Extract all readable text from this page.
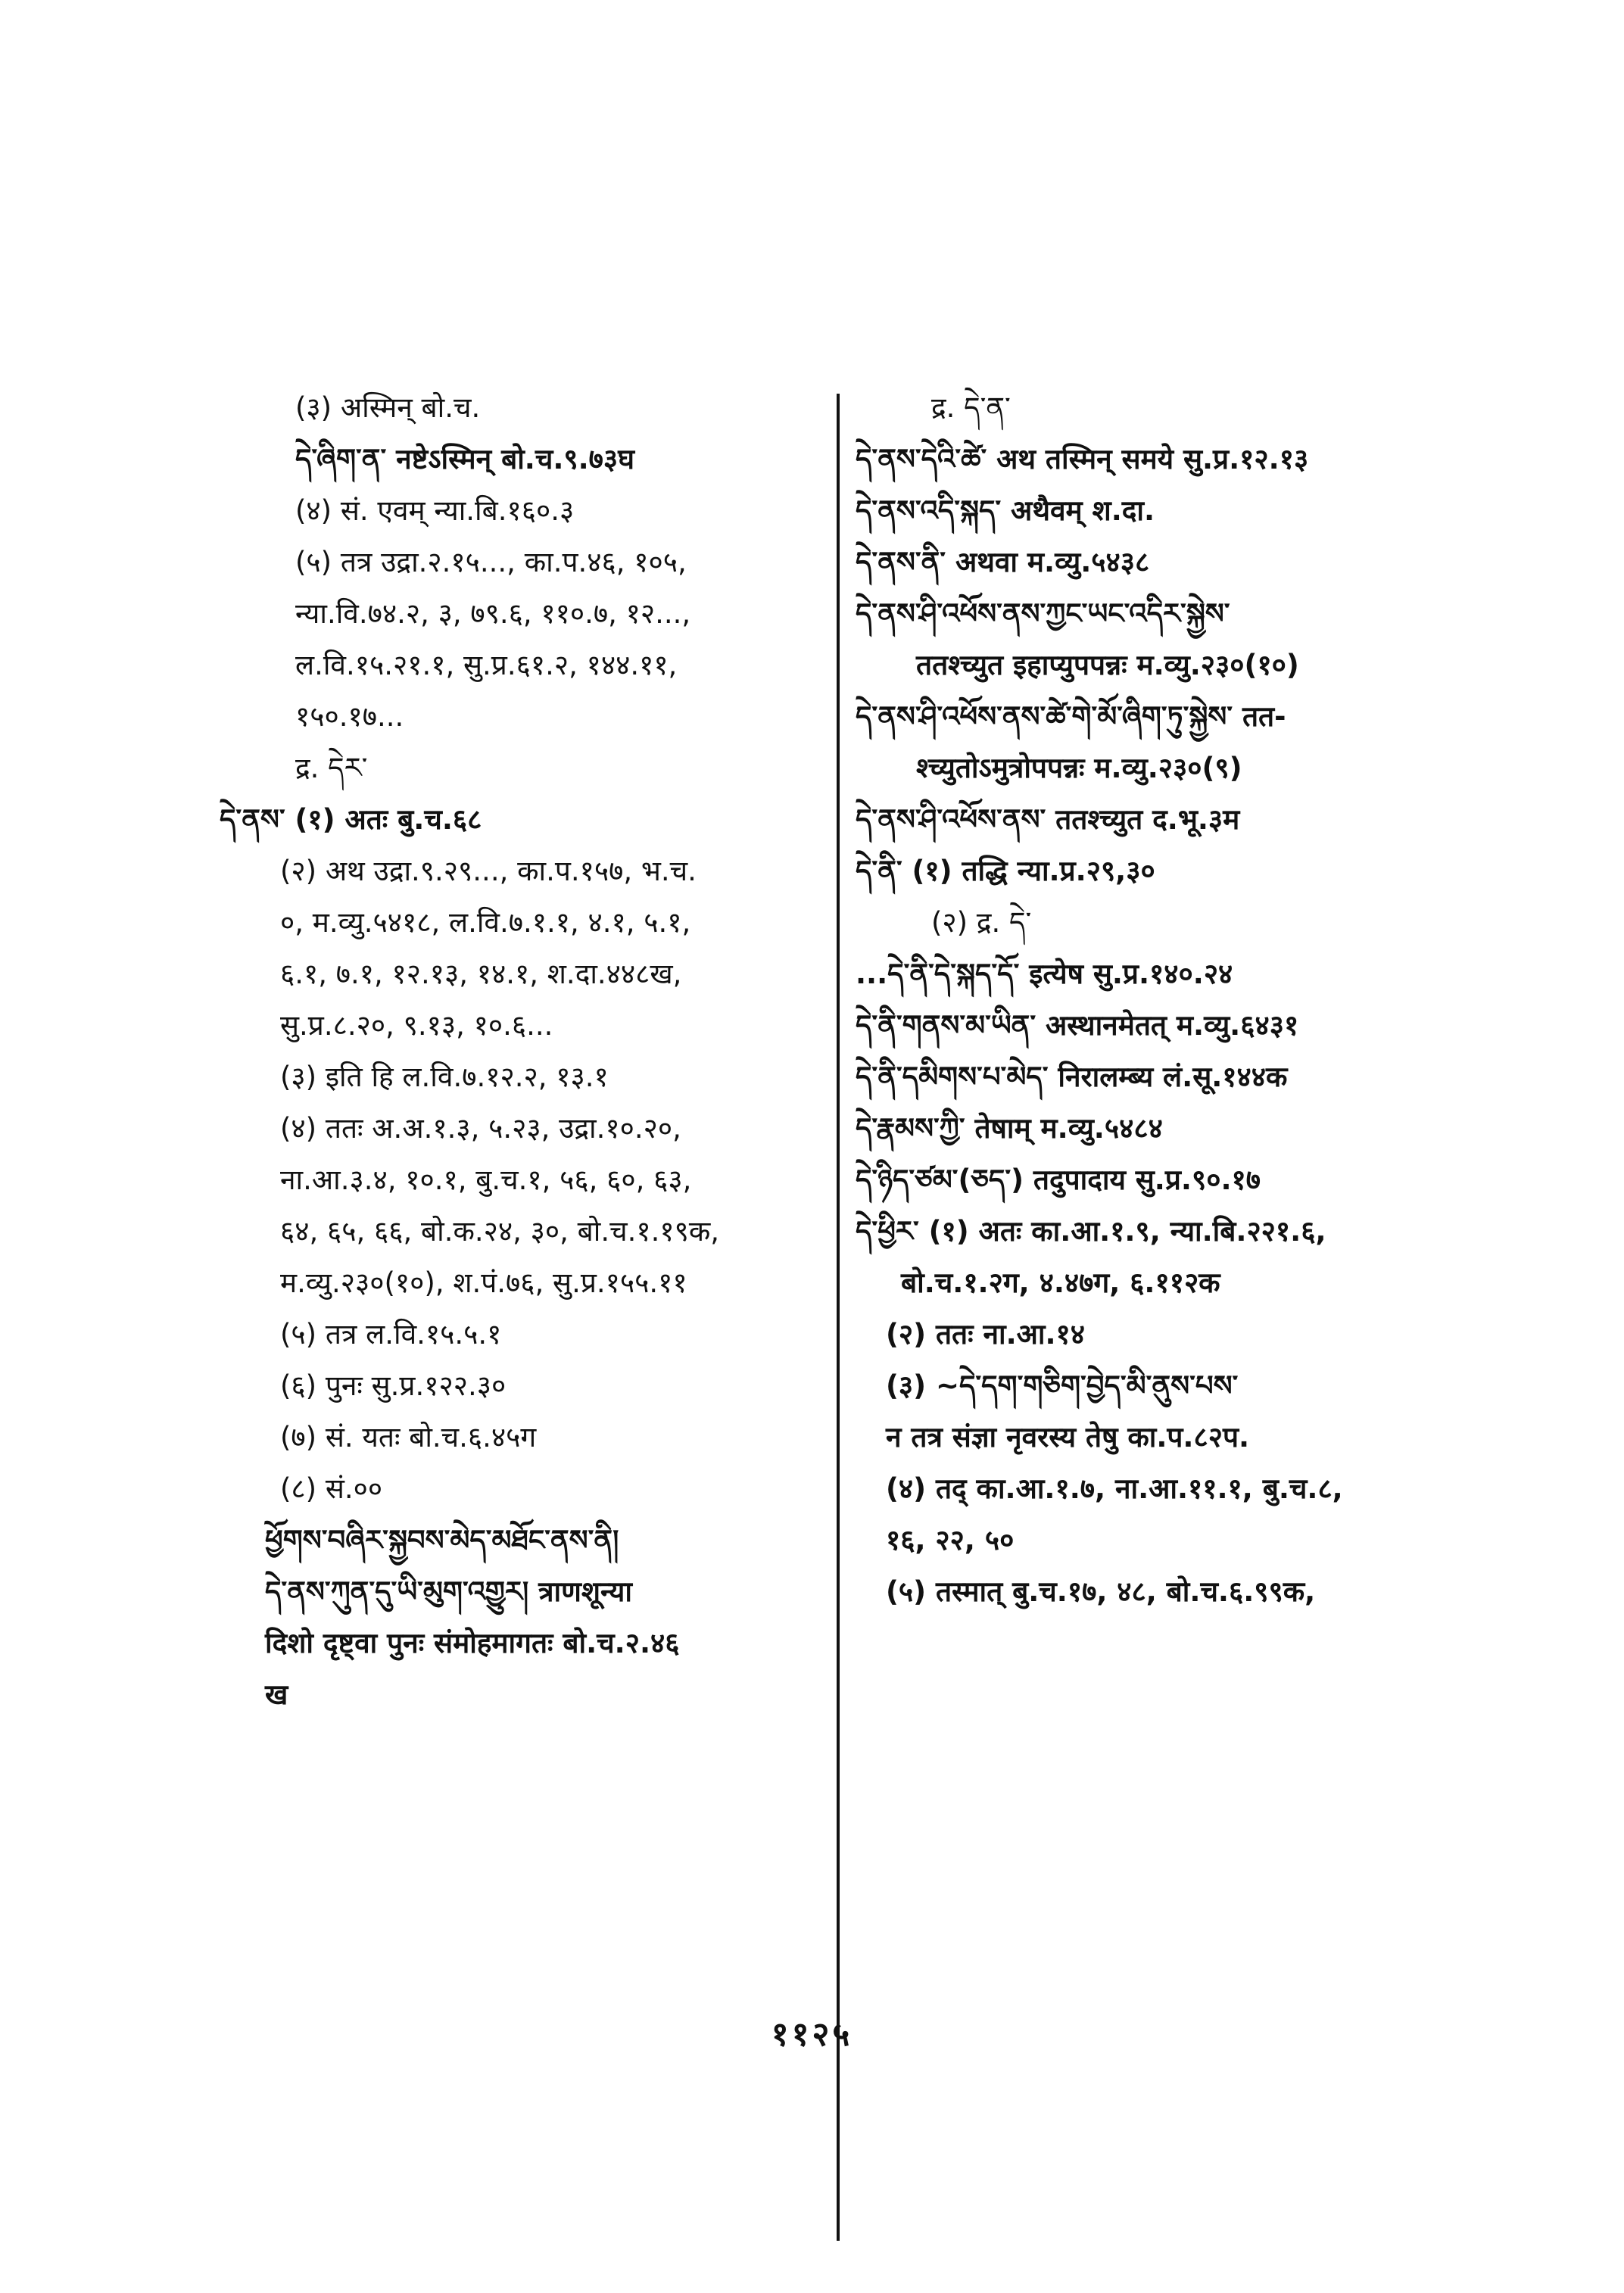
(३) अस्मिन् बो.च.
དེ་ཞིག་ན་ नष्टेऽस्मिन् बो.च.९.७३घ
(४) सं. एवम् न्या.बि.१६०.३
(५) तत्र उद्रा.२.१५..., का.प.४६, १०५,
न्या.वि.७४.२, ३, ७९.६, ११०.७, १२...,
ल.वि.१५.२१.१, सु.प्र.६१.२, १४४.११,
१५०.१७...
द्र. དེར་
དེ་ནས་ (१) अतः बु.च.६८
(२) अथ उद्रा.९.२९..., का.प.१५७, भ.च.
०, म.व्यु.५४१८, ल.वि.७.१.१, ४.१, ५.१,
६.१, ७.१, १२.१३, १४.१, श.दा.४४८ख,
सु.प्र.८.२०, ९.१३, १०.६...
(३) इति हि ल.वि.७.१२.२, १३.१
(४) ततः अ.अ.१.३, ५.२३, उद्रा.१०.२०,
ना.आ.३.४, १०.१, बु.च.१, ५६, ६०, ६३,
६४, ६५, ६६, बो.क.२४, ३०, बो.च.१.१९क,
म.व्यु.२३०(१०), श.पं.७६, सु.प्र.१५५.११
(५) तत्र ल.वि.१५.५.१
(६) पुनः सु.प्र.१२२.३०
(७) सं. यतः बो.च.६.४५ग
(८) सं.००
ཕྱོགས་བཞིར་སྐྱབས་མེད་མཐོང་ནས་ནི།
དེ་ནས་ཀུན་དུ་ཡི་མུག་འགྱུར། त्राणशून्या
दिशो दृष्ट्वा पुनः संमोहमागतः बो.च.२.४६
ख
द्र. དེ་ན་
དེ་ནས་དེའི་ཚེ་ अथ तस्मिन् समये सु.प्र.१२.१३
དེ་ནས་འདི་སྐད་ अथैवम् श.दा.
དེ་ནས་ནི་ अथवा म.व्यु.५४३८
དེ་ནས་ཤི་འཕོས་ནས་ཀྱང་ཡང་འདིར་སྐྱེས་
ततश्च्युत इहाप्युपपन्नः म.व्यु.२३०(१०)
དེ་ནས་ཤི་འཕོས་ནས་ཚེ་གེ་མོ་ཞིག་ཏུ་སྐྱེས་ तत-
श्च्युतोऽमुत्रोपपन्नः म.व्यु.२३०(९)
དེ་ནས་ཤི་འཕོས་ནས་ ततश्च्युत द.भू.३म
དེ་ནི་ (१) तद्धि न्या.प्र.२९,३०
(२) द्र. དེ་
...དེ་ནི་དེ་སྐད་དོ་ इत्येष सु.प्र.१४०.२४
དེ་ནི་གནས་མ་ཡིན་ अस्थानमेतत् म.व्यु.६४३१
དེ་ནི་དམིགས་པ་མེད་ निरालम्ब्य लं.सू.१४४क
དེ་རྣམས་ཀྱི་ तेषाम् म.व्यु.५४८४
དེ་ཉིད་ཙམ་(ཅད་) तदुपादाय सु.प्र.९०.१७
དེ་ཕྱིར་ (१) अतः का.आ.१.९, न्या.बि.२२१.६,
बो.च.१.२ग, ४.४७ग, ६.११२क
(२) ततः ना.आ.१४
(३) ~དེ་དག་གཅིག་བྱེད་མི་ནུས་པས་
न तत्र संज्ञा नृवरस्य तेषु का.प.८२प.
(४) तद् का.आ.१.७, ना.आ.११.१, बु.च.८,
१६, २२, ५०
(५) तस्मात् बु.च.१७, ४८, बो.च.६.९९क,
११२५
